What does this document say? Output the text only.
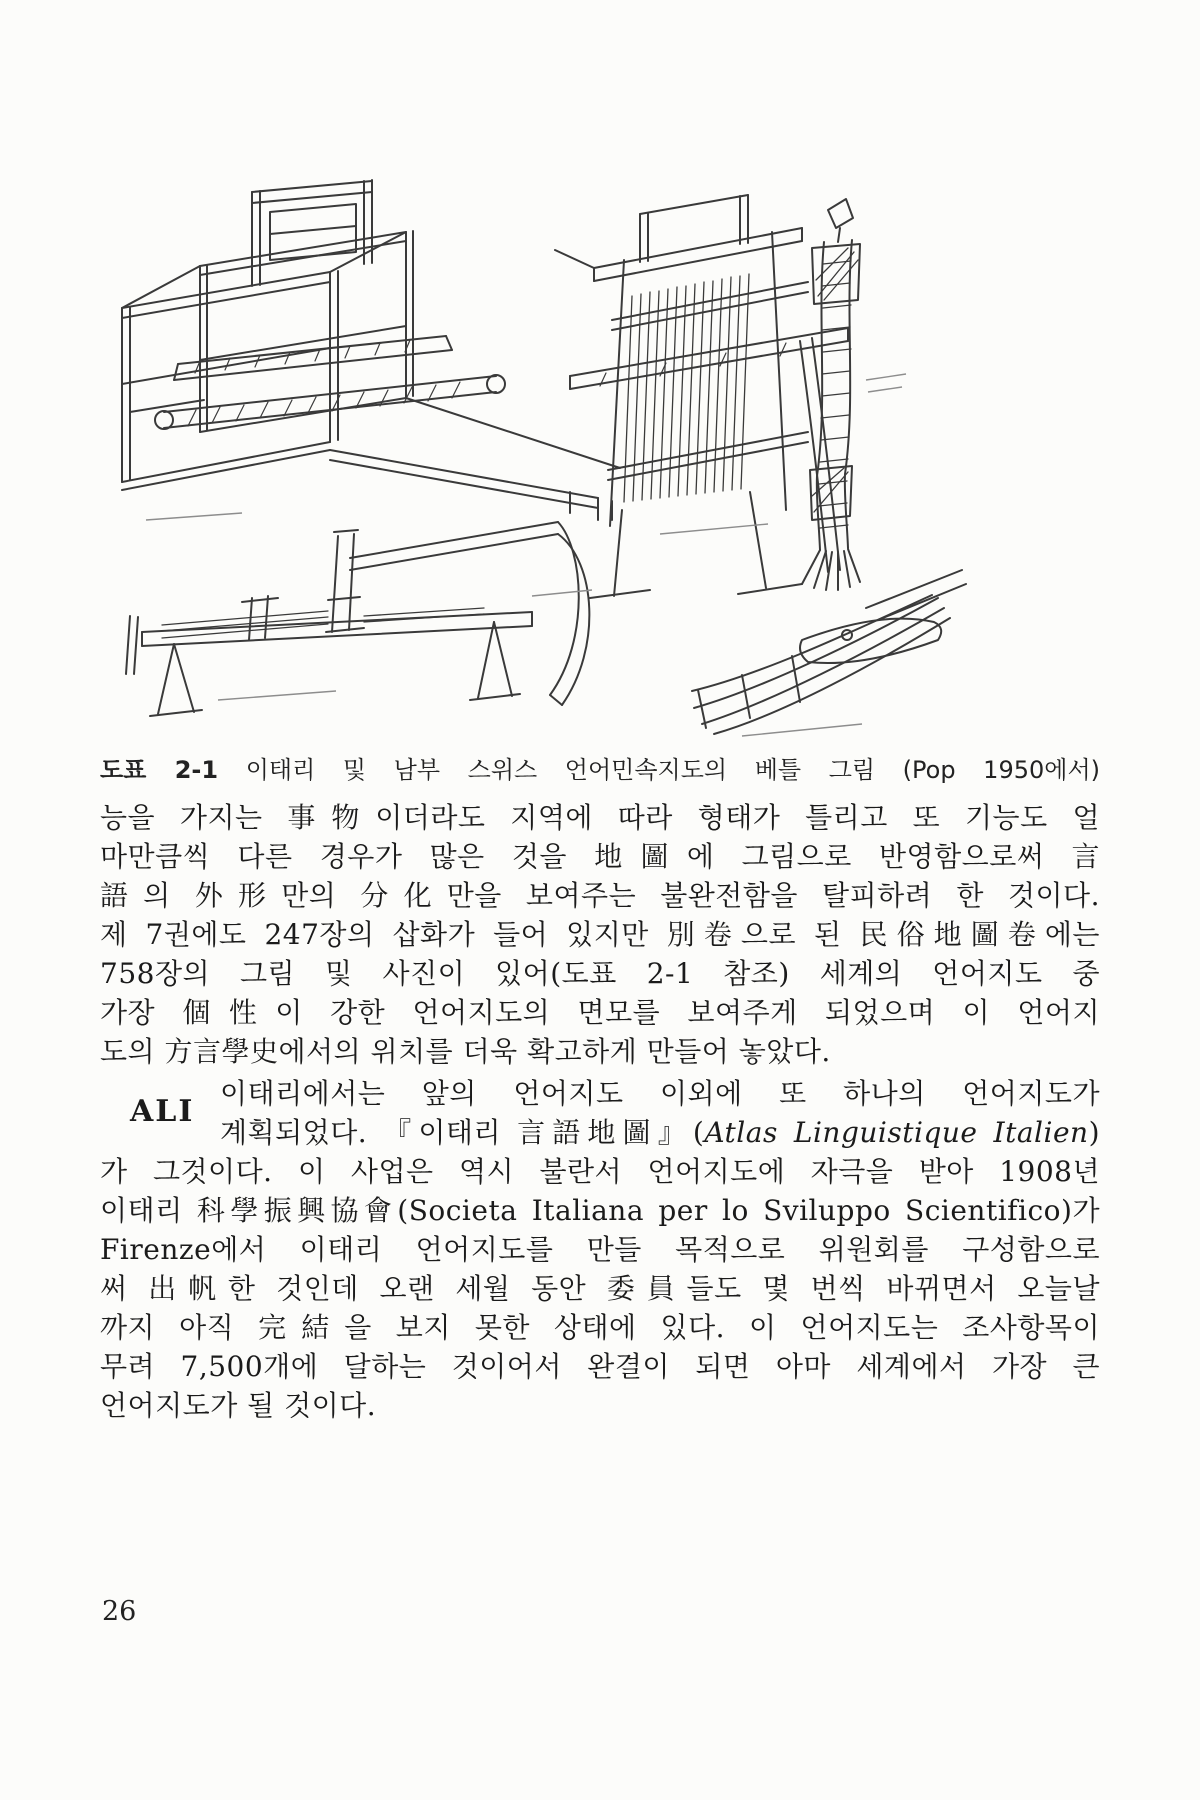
도표 2-1 이태리 및 남부 스위스 언어민속지도의 베틀 그림 (Pop 1950에서)
능을 가지는 事物이더라도 지역에 따라 형태가 틀리고 또 기능도 얼
마만큼씩 다른 경우가 많은 것을 地圖에 그림으로 반영함으로써 言
語의 外形만의 分化만을 보여주는 불완전함을 탈피하려 한 것이다.
제 7권에도 247장의 삽화가 들어 있지만 別卷으로 된 民俗地圖卷에는
758장의 그림 및 사진이 있어(도표 2-1 참조) 세계의 언어지도 중
가장 個性이 강한 언어지도의 면모를 보여주게 되었으며 이 언어지
도의 方言學史에서의 위치를 더욱 확고하게 만들어 놓았다.
ALI
이태리에서는 앞의 언어지도 이외에 또 하나의 언어지도가
계획되었다. 『이태리 言語地圖』(Atlas Linguistique Italien)
가 그것이다. 이 사업은 역시 불란서 언어지도에 자극을 받아 1908년
이태리 科學振興協會(Societa Italiana per lo Sviluppo Scientifico)가
Firenze에서 이태리 언어지도를 만들 목적으로 위원회를 구성함으로
써 出帆한 것인데 오랜 세월 동안 委員들도 몇 번씩 바뀌면서 오늘날
까지 아직 完結을 보지 못한 상태에 있다. 이 언어지도는 조사항목이
무려 7,500개에 달하는 것이어서 완결이 되면 아마 세계에서 가장 큰
언어지도가 될 것이다.
26
